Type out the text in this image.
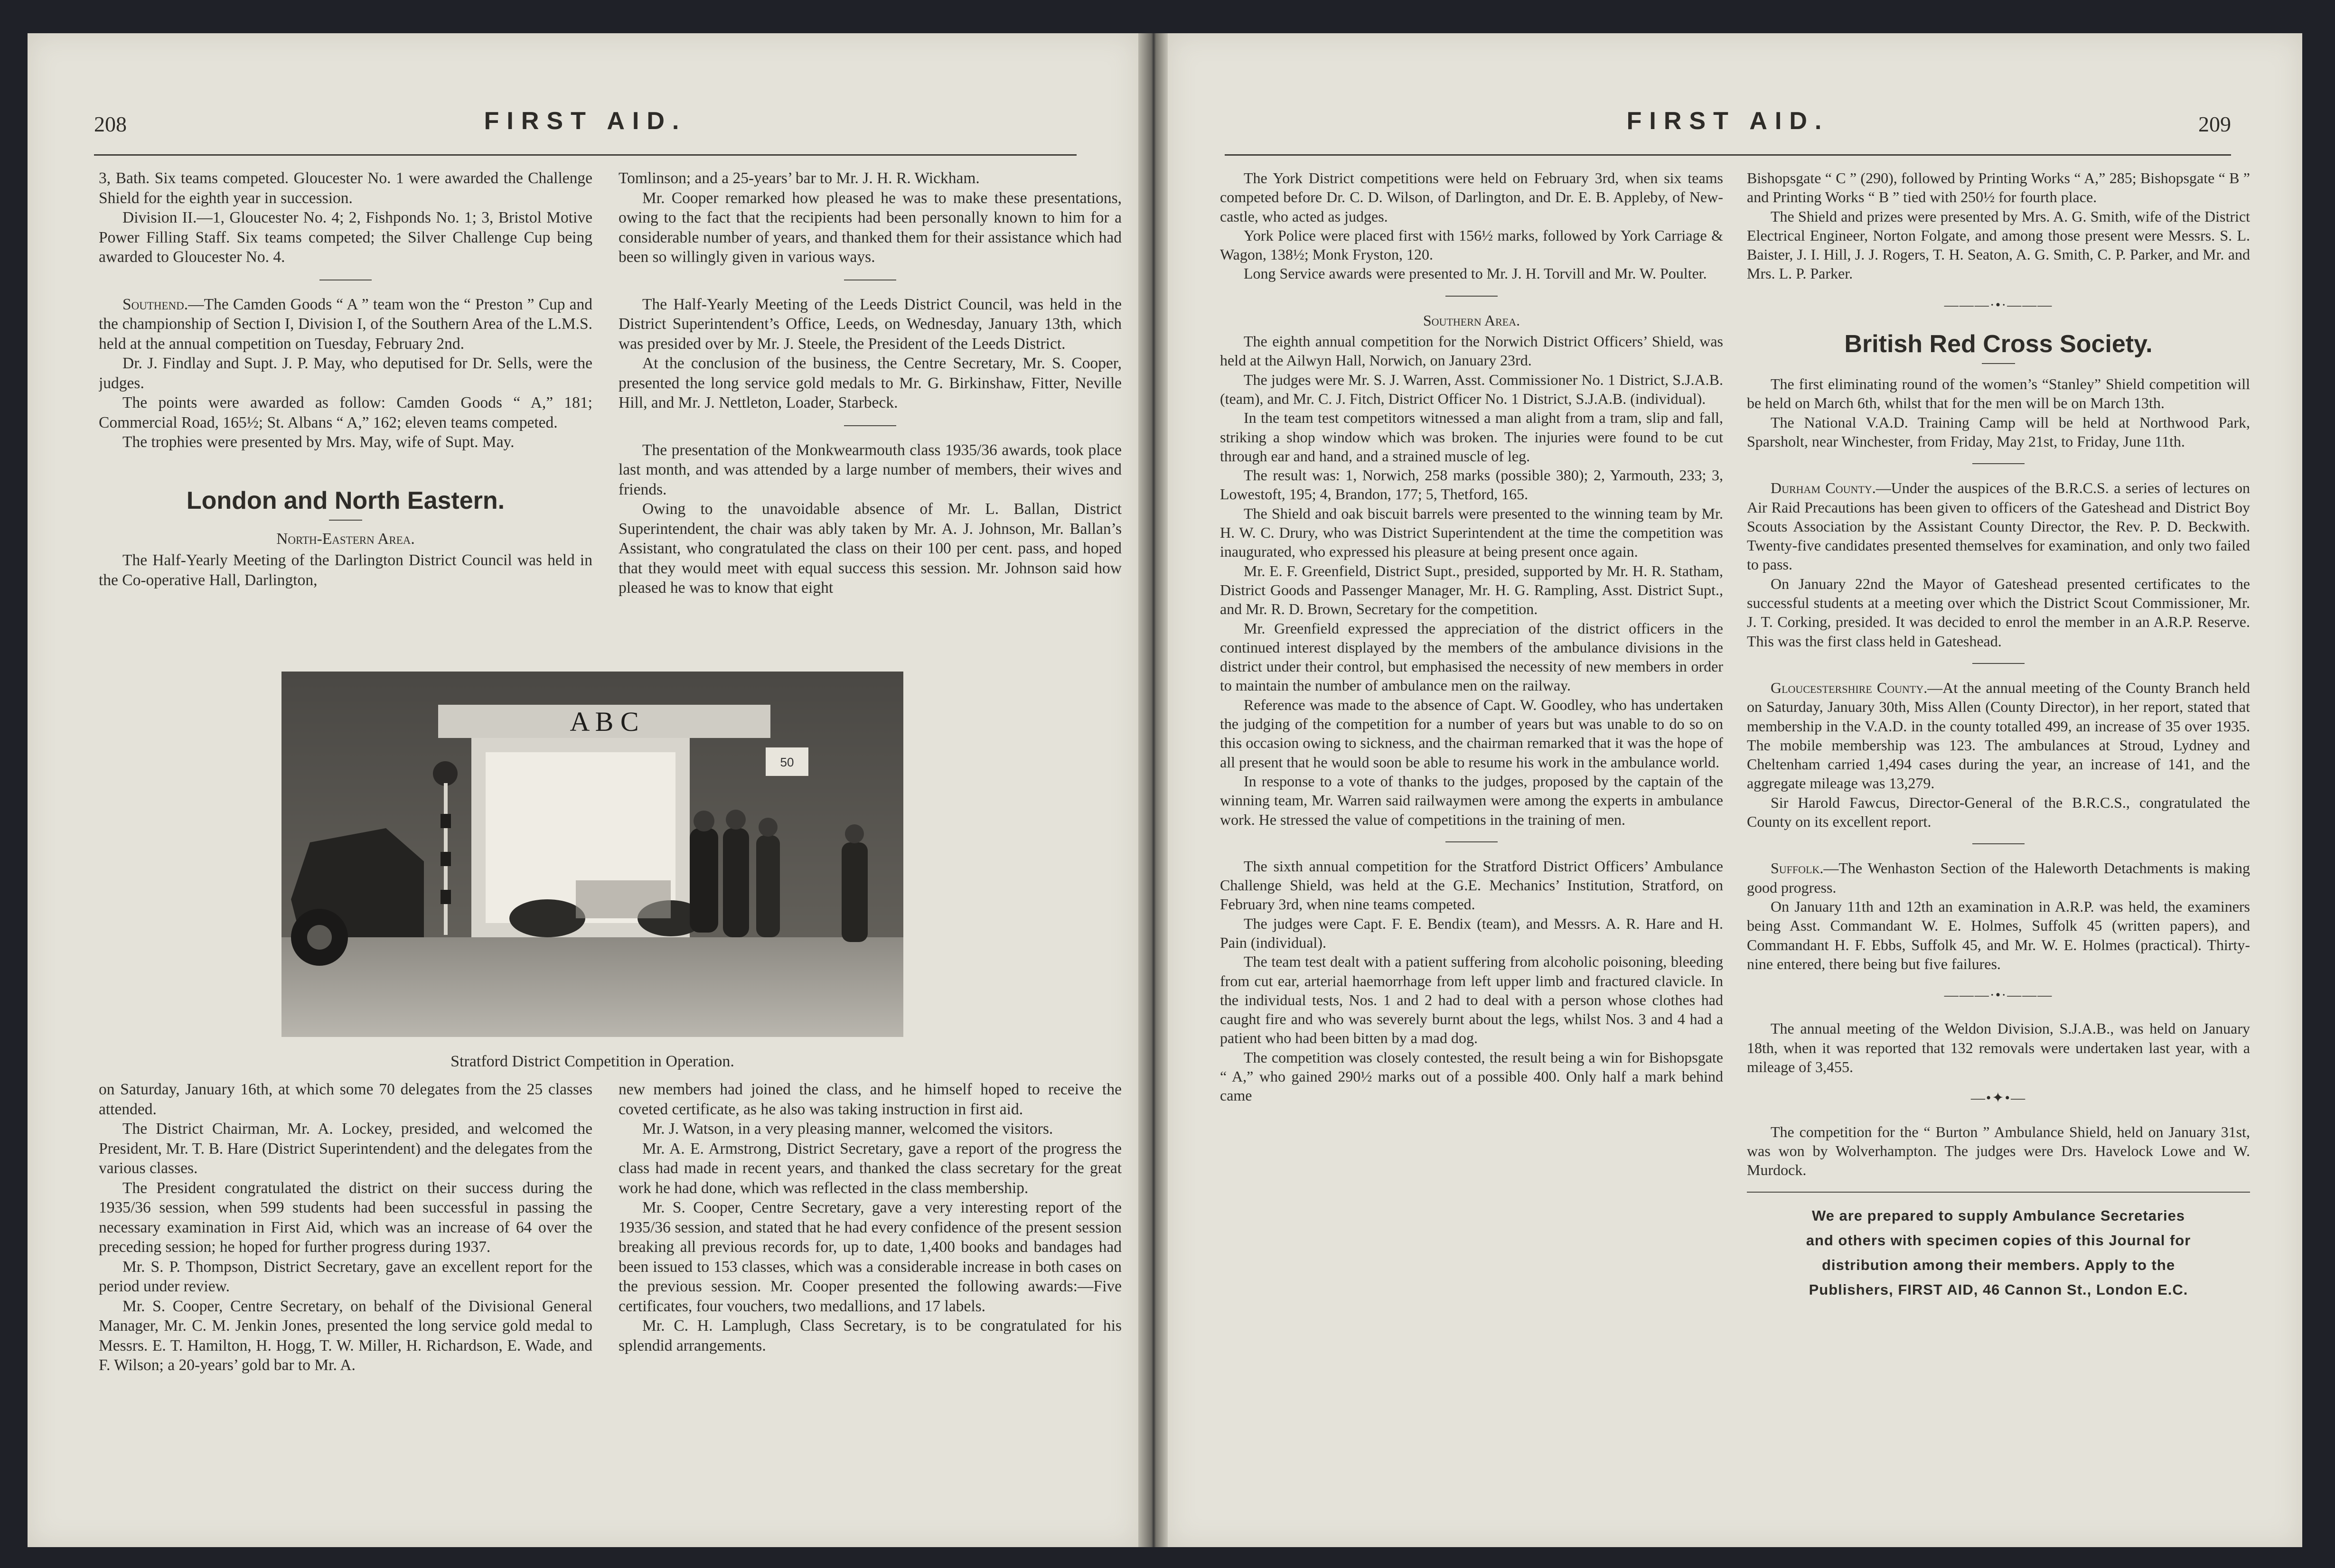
208	FIRST AID.

3, Bath. Six teams competed. Gloucester No. 1 were awarded the Challenge Shield for the eighth year in succession.

Division II.—1, Gloucester No. 4; 2, Fishponds No. 1; 3, Bristol Motive Power Filling Staff. Six teams competed; the Silver Challenge Cup being awarded to Gloucester No. 4.

Southend.—The Camden Goods “ A ” team won the “ Preston ” Cup and the championship of Section I, Division I, of the Southern Area of the L.M.S. held at the annual competition on Tuesday, February 2nd.

Dr. J. Findlay and Supt. J. P. May, who deputised for Dr. Sells, were the judges.

The points were awarded as follow: Camden Goods “ A,” 181; Commercial Road, 165½; St. Albans “ A,” 162; eleven teams competed.

The trophies were presented by Mrs. May, wife of Supt. May.

London and North Eastern.
North-Eastern Area.

The Half-Yearly Meeting of the Darlington District Council was held in the Co-operative Hall, Darlington,

Tomlinson; and a 25-years’ bar to Mr. J. H. R. Wickham.

Mr. Cooper remarked how pleased he was to make these presentations, owing to the fact that the recipients had been personally known to him for a considerable number of years, and thanked them for their assistance which had been so willingly given in various ways.

The Half-Yearly Meeting of the Leeds District Council, was held in the District Superintendent’s Office, Leeds, on Wednesday, January 13th, which was presided over by Mr. J. Steele, the President of the Leeds District.

At the conclusion of the business, the Centre Secretary, Mr. S. Cooper, presented the long service gold medals to Mr. G. Birkinshaw, Fitter, Neville Hill, and Mr. J. Nettleton, Loader, Starbeck.

The presentation of the Monkwearmouth class 1935/36 awards, took place last month, and was attended by a large number of members, their wives and friends.

Owing to the unavoidable absence of Mr. L. Ballan, District Superintendent, the chair was ably taken by Mr. A. J. Johnson, Mr. Ballan’s Assistant, who congratulated the class on their 100 per cent. pass, and hoped that they would meet with equal success this session. Mr. Johnson said how pleased he was to know that eight

A B C
50
Stratford District Competition in Operation.

on Saturday, January 16th, at which some 70 delegates from the 25 classes attended.

The District Chairman, Mr. A. Lockey, presided, and welcomed the President, Mr. T. B. Hare (District Superintendent) and the delegates from the various classes.

The President congratulated the district on their success during the 1935/36 session, when 599 students had been successful in passing the necessary examination in First Aid, which was an increase of 64 over the preceding session; he hoped for further progress during 1937.

Mr. S. P. Thompson, District Secretary, gave an excellent report for the period under review.

Mr. S. Cooper, Centre Secretary, on behalf of the Divisional General Manager, Mr. C. M. Jenkin Jones, presented the long service gold medal to Messrs. E. T. Hamilton, H. Hogg, T. W. Miller, H. Richardson, E. Wade, and F. Wilson; a 20-years’ gold bar to Mr. A.

new members had joined the class, and he himself hoped to receive the coveted certificate, as he also was taking instruction in first aid.

Mr. J. Watson, in a very pleasing manner, welcomed the visitors.

Mr. A. E. Armstrong, District Secretary, gave a report of the progress the class had made in recent years, and thanked the class secretary for the great work he had done, which was reflected in the class membership.

Mr. S. Cooper, Centre Secretary, gave a very interesting report of the 1935/36 session, and stated that he had every confidence of the present session breaking all previous records for, up to date, 1,400 books and bandages had been issued to 153 classes, which was a considerable increase in both cases on the previous session. Mr. Cooper presented the following awards:—Five certificates, four vouchers, two medallions, and 17 labels.

Mr. C. H. Lamplugh, Class Secretary, is to be congratulated for his splendid arrangements.

FIRST AID.	209

The York District competitions were held on February 3rd, when six teams competed before Dr. C. D. Wilson, of Darlington, and Dr. E. B. Appleby, of New-castle, who acted as judges.

York Police were placed first with 156½ marks, followed by York Carriage & Wagon, 138½; Monk Fryston, 120.

Long Service awards were presented to Mr. J. H. Torvill and Mr. W. Poulter.

Southern Area.

The eighth annual competition for the Norwich District Officers’ Shield, was held at the Ailwyn Hall, Norwich, on January 23rd.

The judges were Mr. S. J. Warren, Asst. Commissioner No. 1 District, S.J.A.B. (team), and Mr. C. J. Fitch, District Officer No. 1 District, S.J.A.B. (individual).

In the team test competitors witnessed a man alight from a tram, slip and fall, striking a shop window which was broken. The injuries were found to be cut through ear and hand, and a strained muscle of leg.

The result was: 1, Norwich, 258 marks (possible 380); 2, Yarmouth, 233; 3, Lowestoft, 195; 4, Brandon, 177; 5, Thetford, 165.

The Shield and oak biscuit barrels were presented to the winning team by Mr. H. W. C. Drury, who was District Superintendent at the time the competition was inaugurated, who expressed his pleasure at being present once again.

Mr. E. F. Greenfield, District Supt., presided, supported by Mr. H. R. Statham, District Goods and Passenger Manager, Mr. H. G. Rampling, Asst. District Supt., and Mr. R. D. Brown, Secretary for the competition.

Mr. Greenfield expressed the appreciation of the district officers in the continued interest displayed by the members of the ambulance divisions in the district under their control, but emphasised the necessity of new members in order to maintain the number of ambulance men on the railway.

Reference was made to the absence of Capt. W. Goodley, who has undertaken the judging of the competition for a number of years but was unable to do so on this occasion owing to sickness, and the chairman remarked that it was the hope of all present that he would soon be able to resume his work in the ambulance world.

In response to a vote of thanks to the judges, proposed by the captain of the winning team, Mr. Warren said railwaymen were among the experts in ambulance work. He stressed the value of competitions in the training of men.

The sixth annual competition for the Stratford District Officers’ Ambulance Challenge Shield, was held at the G.E. Mechanics’ Institution, Stratford, on February 3rd, when nine teams competed.

The judges were Capt. F. E. Bendix (team), and Messrs. A. R. Hare and H. Pain (individual).

The team test dealt with a patient suffering from alcoholic poisoning, bleeding from cut ear, arterial haemorrhage from left upper limb and fractured clavicle. In the individual tests, Nos. 1 and 2 had to deal with a person whose clothes had caught fire and who was severely burnt about the legs, whilst Nos. 3 and 4 had a patient who had been bitten by a mad dog.

The competition was closely contested, the result being a win for Bishopsgate “ A,” who gained 290½ marks out of a possible 400. Only half a mark behind came

Bishopsgate “ C ” (290), followed by Printing Works “ A,” 285; Bishopsgate “ B ” and Printing Works “ B ” tied with 250½ for fourth place.

The Shield and prizes were presented by Mrs. A. G. Smith, wife of the District Electrical Engineer, Norton Folgate, and among those present were Messrs. S. L. Baister, J. I. Hill, J. J. Rogers, T. H. Seaton, A. G. Smith, C. P. Parker, and Mr. and Mrs. L. P. Parker.

———·•·———
British Red Cross Society.

The first eliminating round of the women’s “Stanley” Shield competition will be held on March 6th, whilst that for the men will be on March 13th.

The National V.A.D. Training Camp will be held at Northwood Park, Sparsholt, near Winchester, from Friday, May 21st, to Friday, June 11th.

Durham County.—Under the auspices of the B.R.C.S. a series of lectures on Air Raid Precautions has been given to officers of the Gateshead and District Boy Scouts Association by the Assistant County Director, the Rev. P. D. Beckwith. Twenty-five candidates presented themselves for examination, and only two failed to pass.

On January 22nd the Mayor of Gateshead presented certificates to the successful students at a meeting over which the District Scout Commissioner, Mr. J. T. Corking, presided. It was decided to enrol the member in an A.R.P. Reserve. This was the first class held in Gateshead.

Gloucestershire County.—At the annual meeting of the County Branch held on Saturday, January 30th, Miss Allen (County Director), in her report, stated that membership in the V.A.D. in the county totalled 499, an increase of 35 over 1935. The mobile membership was 123. The ambulances at Stroud, Lydney and Cheltenham carried 1,494 cases during the year, an increase of 141, and the aggregate mileage was 13,279.

Sir Harold Fawcus, Director-General of the B.R.C.S., congratulated the County on its excellent report.

Suffolk.—The Wenhaston Section of the Haleworth Detachments is making good progress.

On January 11th and 12th an examination in A.R.P. was held, the examiners being Asst. Commandant W. E. Holmes, Suffolk 45 (written papers), and Commandant H. F. Ebbs, Suffolk 45, and Mr. W. E. Holmes (practical). Thirty-nine entered, there being but five failures.

———·•·———

The annual meeting of the Weldon Division, S.J.A.B., was held on January 18th, when it was reported that 132 removals were undertaken last year, with a mileage of 3,455.

—•✦•—

The competition for the “ Burton ” Ambulance Shield, held on January 31st, was won by Wolverhampton. The judges were Drs. Havelock Lowe and W. Murdock.

We are prepared to supply Ambulance Secretaries
and others with specimen copies of this Journal for
distribution among their members. Apply to the
Publishers, FIRST AID, 46 Cannon St., London E.C.
